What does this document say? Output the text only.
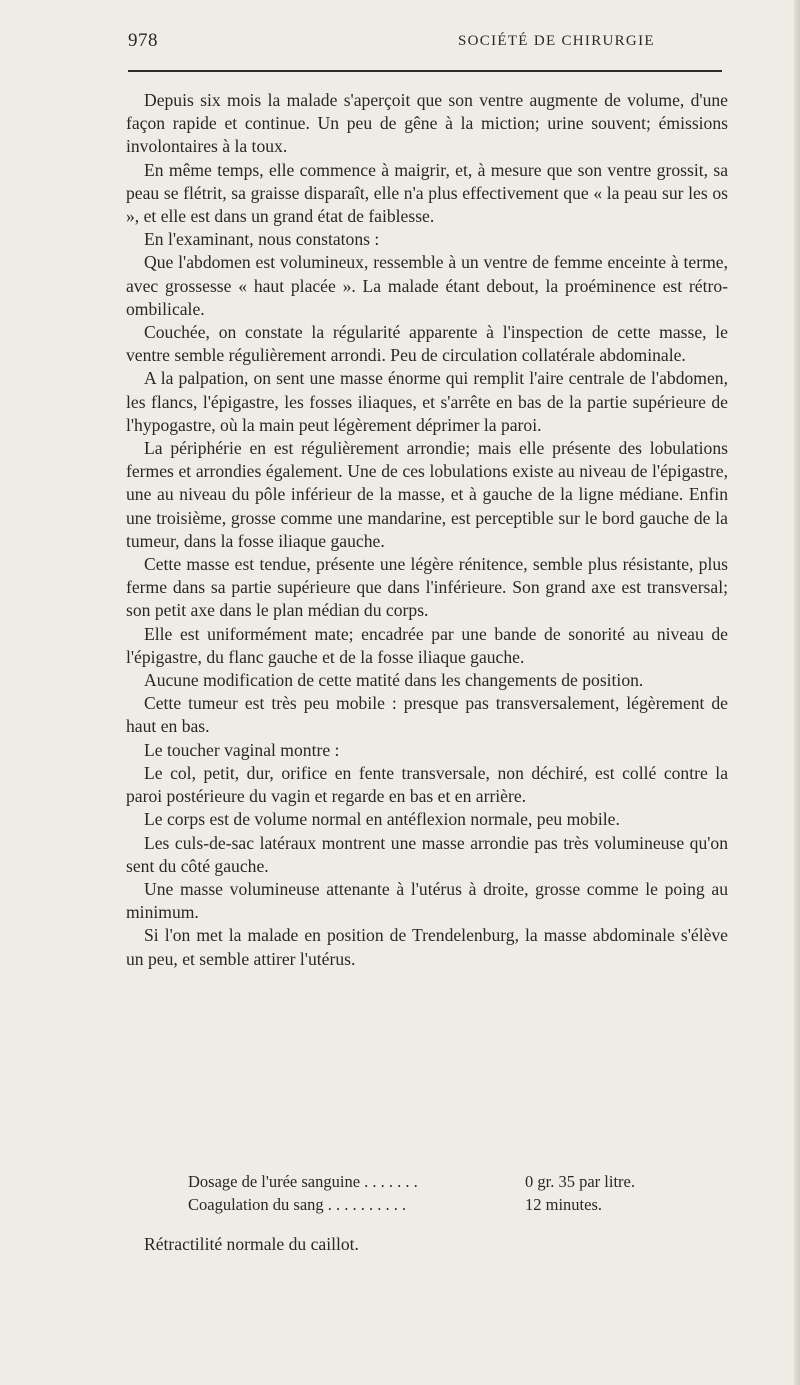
978	SOCIÉTÉ DE CHIRURGIE

Depuis six mois la malade s'aperçoit que son ventre augmente de volume, d'une façon rapide et continue. Un peu de gêne à la miction; urine souvent; émissions involontaires à la toux.

En même temps, elle commence à maigrir, et, à mesure que son ventre grossit, sa peau se flétrit, sa graisse disparaît, elle n'a plus effectivement que « la peau sur les os », et elle est dans un grand état de faiblesse.

En l'examinant, nous constatons :

Que l'abdomen est volumineux, ressemble à un ventre de femme enceinte à terme, avec grossesse « haut placée ». La malade étant debout, la proéminence est rétro-ombilicale.

Couchée, on constate la régularité apparente à l'inspection de cette masse, le ventre semble régulièrement arrondi. Peu de circulation collatérale abdominale.

A la palpation, on sent une masse énorme qui remplit l'aire centrale de l'abdomen, les flancs, l'épigastre, les fosses iliaques, et s'arrête en bas de la partie supérieure de l'hypogastre, où la main peut légèrement déprimer la paroi.

La périphérie en est régulièrement arrondie; mais elle présente des lobulations fermes et arrondies également. Une de ces lobulations existe au niveau de l'épigastre, une au niveau du pôle inférieur de la masse, et à gauche de la ligne médiane. Enfin une troisième, grosse comme une mandarine, est perceptible sur le bord gauche de la tumeur, dans la fosse iliaque gauche.

Cette masse est tendue, présente une légère rénitence, semble plus résistante, plus ferme dans sa partie supérieure que dans l'inférieure. Son grand axe est transversal; son petit axe dans le plan médian du corps.

Elle est uniformément mate; encadrée par une bande de sonorité au niveau de l'épigastre, du flanc gauche et de la fosse iliaque gauche.

Aucune modification de cette matité dans les changements de position.

Cette tumeur est très peu mobile : presque pas transversalement, légèrement de haut en bas.

Le toucher vaginal montre :

Le col, petit, dur, orifice en fente transversale, non déchiré, est collé contre la paroi postérieure du vagin et regarde en bas et en arrière.

Le corps est de volume normal en antéflexion normale, peu mobile.

Les culs-de-sac latéraux montrent une masse arrondie pas très volumineuse qu'on sent du côté gauche.

Une masse volumineuse attenante à l'utérus à droite, grosse comme le poing au minimum.

Si l'on met la malade en position de Trendelenburg, la masse abdominale s'élève un peu, et semble attirer l'utérus.

Dosage de l'urée sanguine . . . . . . .	0 gr. 35 par litre.
Coagulation du sang . . . . . . . . . .	12 minutes.
Rétractilité normale du caillot.
